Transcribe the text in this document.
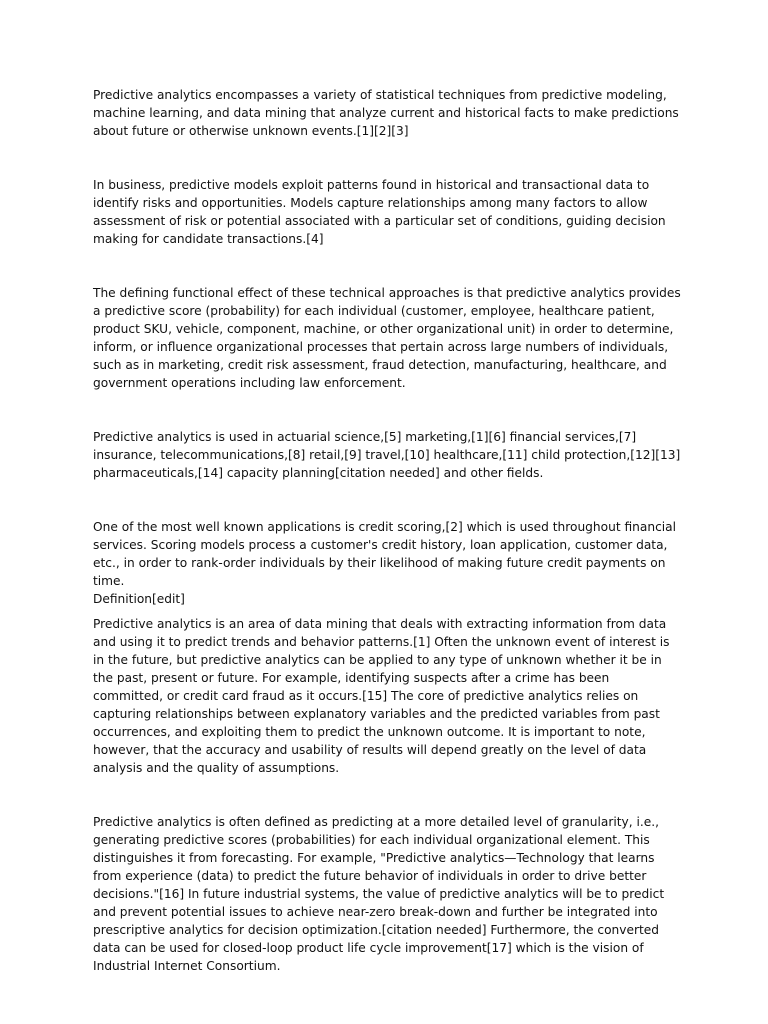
Predictive analytics encompasses a variety of statistical techniques from predictive modeling, machine learning, and data mining that analyze current and historical facts to make predictions about future or otherwise unknown events.[1][2][3]

In business, predictive models exploit patterns found in historical and transactional data to identify risks and opportunities. Models capture relationships among many factors to allow assessment of risk or potential associated with a particular set of conditions, guiding decision making for candidate transactions.[4]

The defining functional effect of these technical approaches is that predictive analytics provides a predictive score (probability) for each individual (customer, employee, healthcare patient, product SKU, vehicle, component, machine, or other organizational unit) in order to determine, inform, or influence organizational processes that pertain across large numbers of individuals, such as in marketing, credit risk assessment, fraud detection, manufacturing, healthcare, and government operations including law enforcement.

Predictive analytics is used in actuarial science,[5] marketing,[1][6] financial services,[7] insurance, telecommunications,[8] retail,[9] travel,[10] healthcare,[11] child protection,[12][13] pharmaceuticals,[14] capacity planning[citation needed] and other fields.

One of the most well known applications is credit scoring,[2] which is used throughout financial services. Scoring models process a customer's credit history, loan application, customer data, etc., in order to rank-order individuals by their likelihood of making future credit payments on time.

Definition[edit]

Predictive analytics is an area of data mining that deals with extracting information from data and using it to predict trends and behavior patterns.[1] Often the unknown event of interest is in the future, but predictive analytics can be applied to any type of unknown whether it be in the past, present or future. For example, identifying suspects after a crime has been committed, or credit card fraud as it occurs.[15] The core of predictive analytics relies on capturing relationships between explanatory variables and the predicted variables from past occurrences, and exploiting them to predict the unknown outcome. It is important to note, however, that the accuracy and usability of results will depend greatly on the level of data analysis and the quality of assumptions.

Predictive analytics is often defined as predicting at a more detailed level of granularity, i.e., generating predictive scores (probabilities) for each individual organizational element. This distinguishes it from forecasting. For example, "Predictive analytics—Technology that learns from experience (data) to predict the future behavior of individuals in order to drive better decisions."[16] In future industrial systems, the value of predictive analytics will be to predict and prevent potential issues to achieve near-zero break-down and further be integrated into prescriptive analytics for decision optimization.[citation needed] Furthermore, the converted data can be used for closed-loop product life cycle improvement[17] which is the vision of Industrial Internet Consortium.
